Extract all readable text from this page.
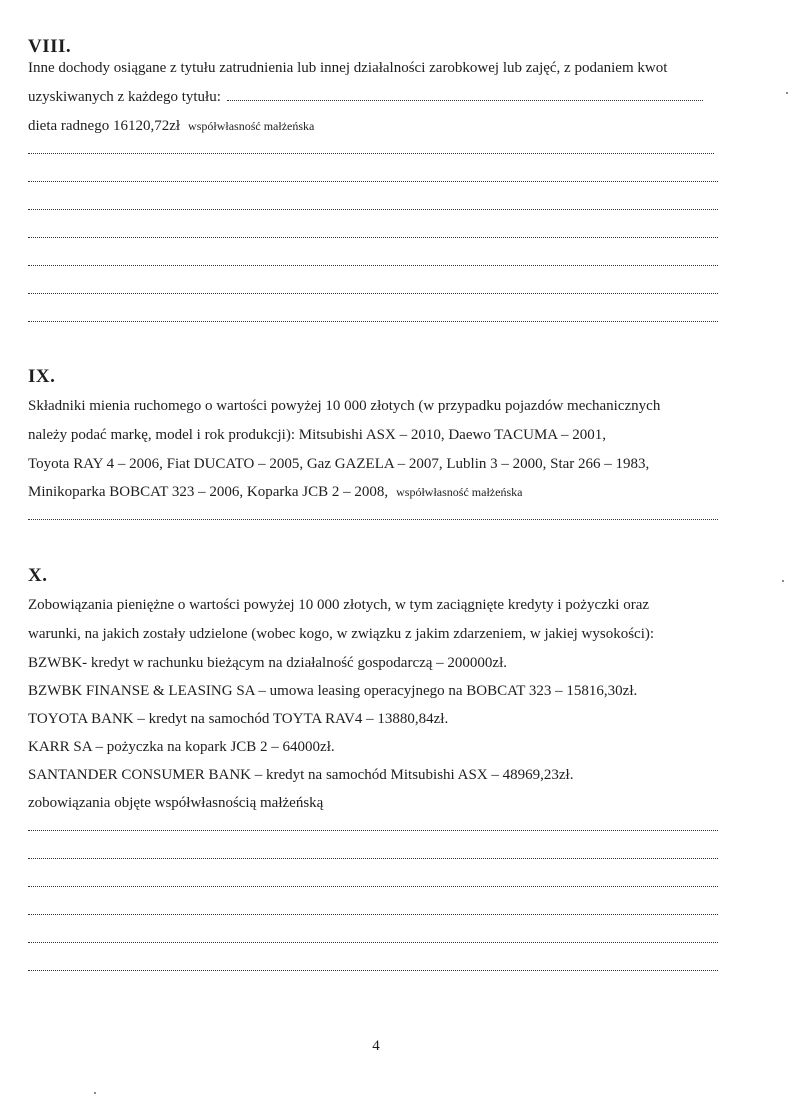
VIII.

Inne dochody osiągane z tytułu zatrudnienia lub innej działalności zarobkowej lub zajęć, z podaniem kwot

uzyskiwanych z każdego tytułu:

dieta radnego 16120,72zł współwłasność małżeńska

IX.

Składniki mienia ruchomego o wartości powyżej 10 000 złotych (w przypadku pojazdów mechanicznych

należy podać markę, model i rok produkcji): Mitsubishi ASX – 2010, Daewo TACUMA – 2001,

Toyota RAY 4 – 2006, Fiat DUCATO – 2005, Gaz GAZELA – 2007, Lublin 3 – 2000, Star 266 – 1983,

Minikoparka BOBCAT 323 – 2006, Koparka JCB 2 – 2008, współwłasność małżeńska

X.

Zobowiązania pieniężne o wartości powyżej 10 000 złotych, w tym zaciągnięte kredyty i pożyczki oraz

warunki, na jakich zostały udzielone (wobec kogo, w związku z jakim zdarzeniem, w jakiej wysokości):

BZWBK- kredyt w rachunku bieżącym na działalność gospodarczą – 200000zł.

BZWBK FINANSE & LEASING SA – umowa leasing operacyjnego na BOBCAT 323 – 15816,30zł.

TOYOTA BANK – kredyt na samochód TOYTA RAV4 – 13880,84zł.

KARR SA – pożyczka na kopark JCB 2 – 64000zł.

SANTANDER CONSUMER BANK – kredyt na samochód Mitsubishi ASX – 48969,23zł.

zobowiązania objęte współwłasnością małżeńską

4
